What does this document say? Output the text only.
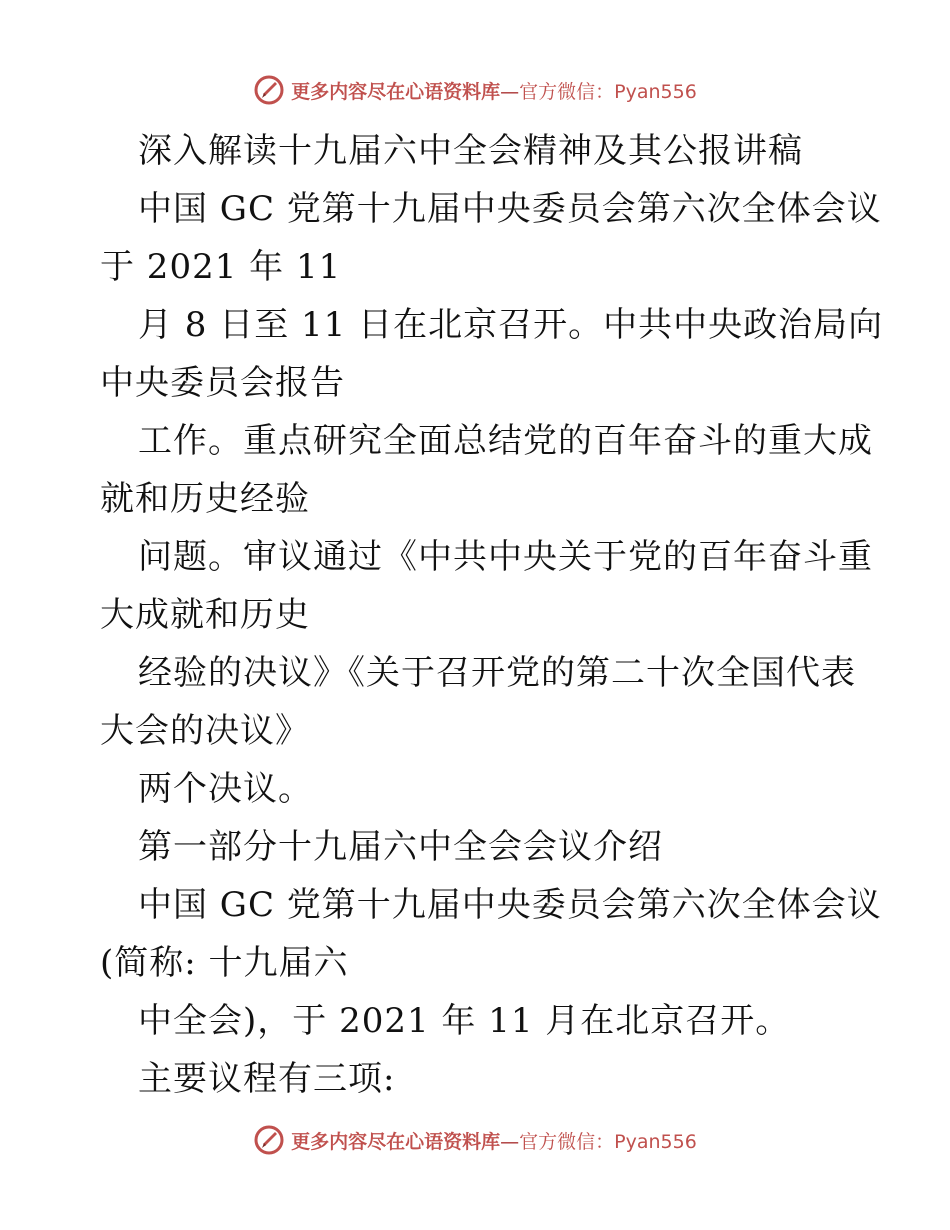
更多内容尽在心语资料库—官方微信：Pyan556
深入解读十九届六中全会精神及其公报讲稿
中国 GC 党第十九届中央委员会第六次全体会议
于 2021 年 11
月 8 日至 11 日在北京召开。中共中央政治局向
中央委员会报告
工作。重点研究全面总结党的百年奋斗的重大成
就和历史经验
问题。审议通过《中共中央关于党的百年奋斗重
大成就和历史
经验的决议》《关于召开党的第二十次全国代表
大会的决议》
两个决议。
第一部分十九届六中全会会议介绍
中国 GC 党第十九届中央委员会第六次全体会议
(简称: 十九届六
中全会)，于 2021 年 11 月在北京召开。
主要议程有三项:
更多内容尽在心语资料库—官方微信：Pyan556
